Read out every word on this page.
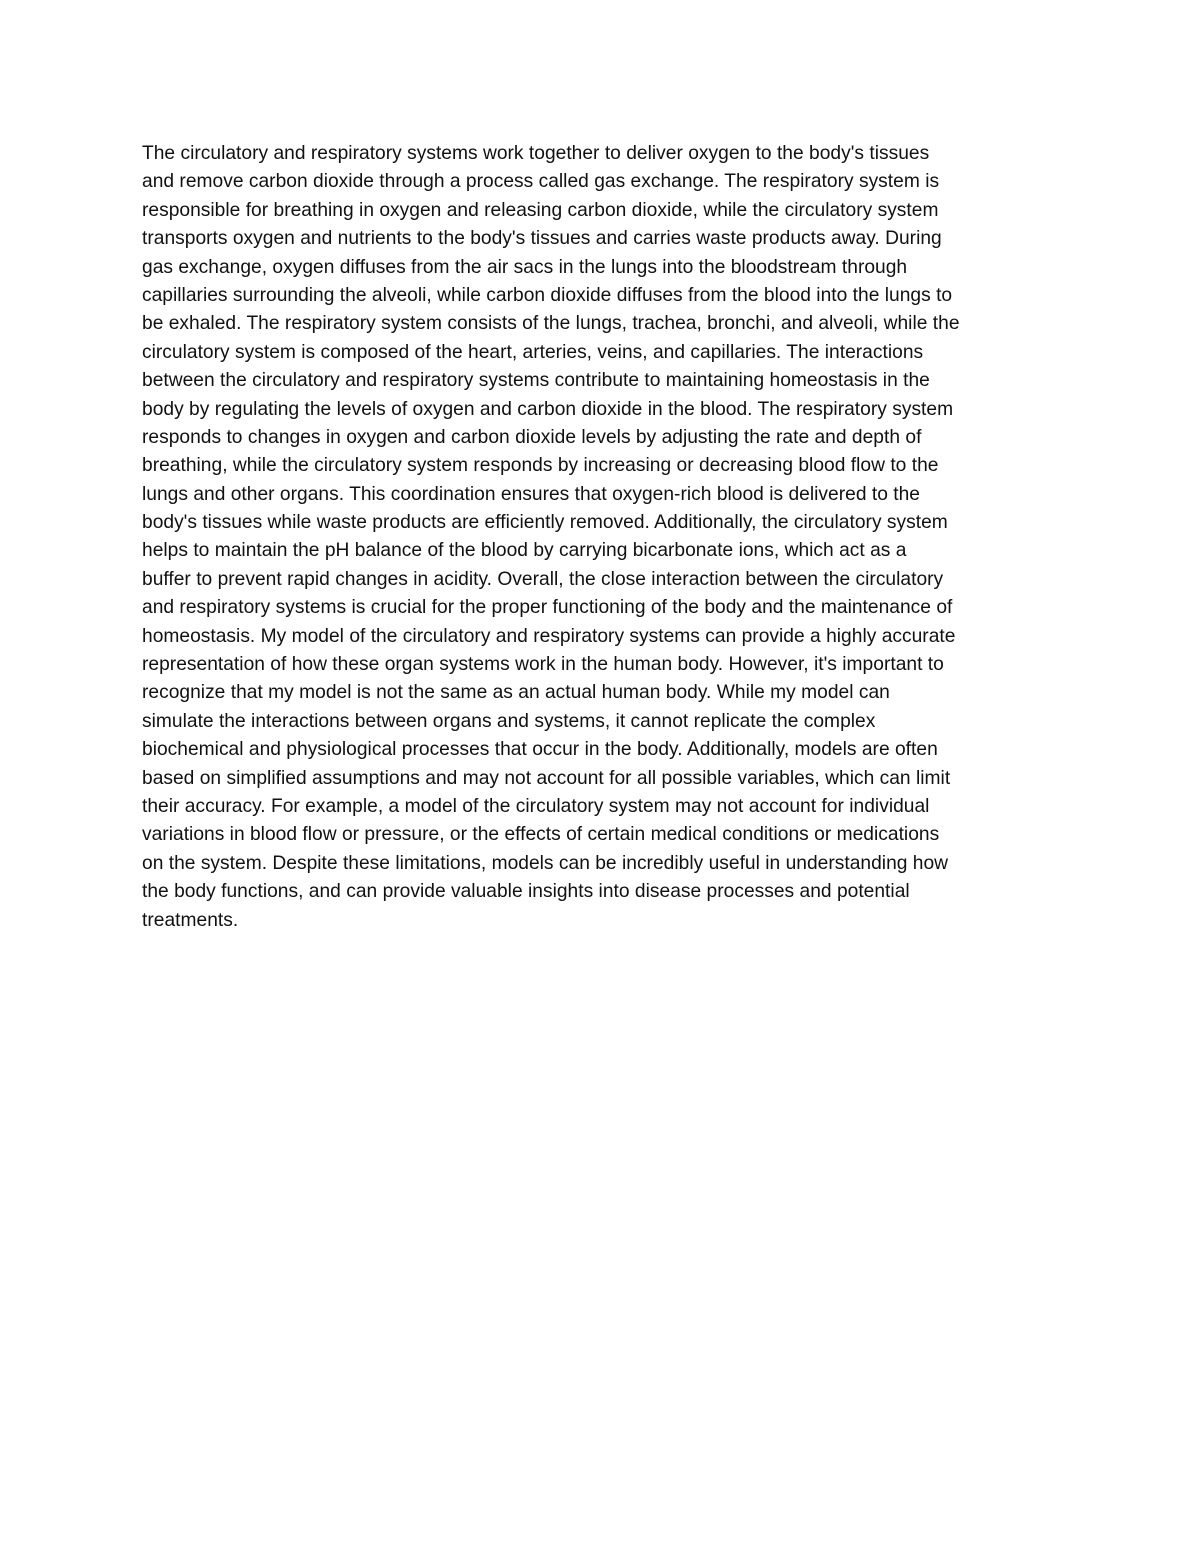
The circulatory and respiratory systems work together to deliver oxygen to the body's tissues
and remove carbon dioxide through a process called gas exchange. The respiratory system is
responsible for breathing in oxygen and releasing carbon dioxide, while the circulatory system
transports oxygen and nutrients to the body's tissues and carries waste products away. During
gas exchange, oxygen diffuses from the air sacs in the lungs into the bloodstream through
capillaries surrounding the alveoli, while carbon dioxide diffuses from the blood into the lungs to
be exhaled. The respiratory system consists of the lungs, trachea, bronchi, and alveoli, while the
circulatory system is composed of the heart, arteries, veins, and capillaries. The interactions
between the circulatory and respiratory systems contribute to maintaining homeostasis in the
body by regulating the levels of oxygen and carbon dioxide in the blood. The respiratory system
responds to changes in oxygen and carbon dioxide levels by adjusting the rate and depth of
breathing, while the circulatory system responds by increasing or decreasing blood flow to the
lungs and other organs. This coordination ensures that oxygen-rich blood is delivered to the
body's tissues while waste products are efficiently removed. Additionally, the circulatory system
helps to maintain the pH balance of the blood by carrying bicarbonate ions, which act as a
buffer to prevent rapid changes in acidity. Overall, the close interaction between the circulatory
and respiratory systems is crucial for the proper functioning of the body and the maintenance of
homeostasis. My model of the circulatory and respiratory systems can provide a highly accurate
representation of how these organ systems work in the human body. However, it's important to
recognize that my model is not the same as an actual human body. While my model can
simulate the interactions between organs and systems, it cannot replicate the complex
biochemical and physiological processes that occur in the body. Additionally, models are often
based on simplified assumptions and may not account for all possible variables, which can limit
their accuracy. For example, a model of the circulatory system may not account for individual
variations in blood flow or pressure, or the effects of certain medical conditions or medications
on the system. Despite these limitations, models can be incredibly useful in understanding how
the body functions, and can provide valuable insights into disease processes and potential
treatments.
